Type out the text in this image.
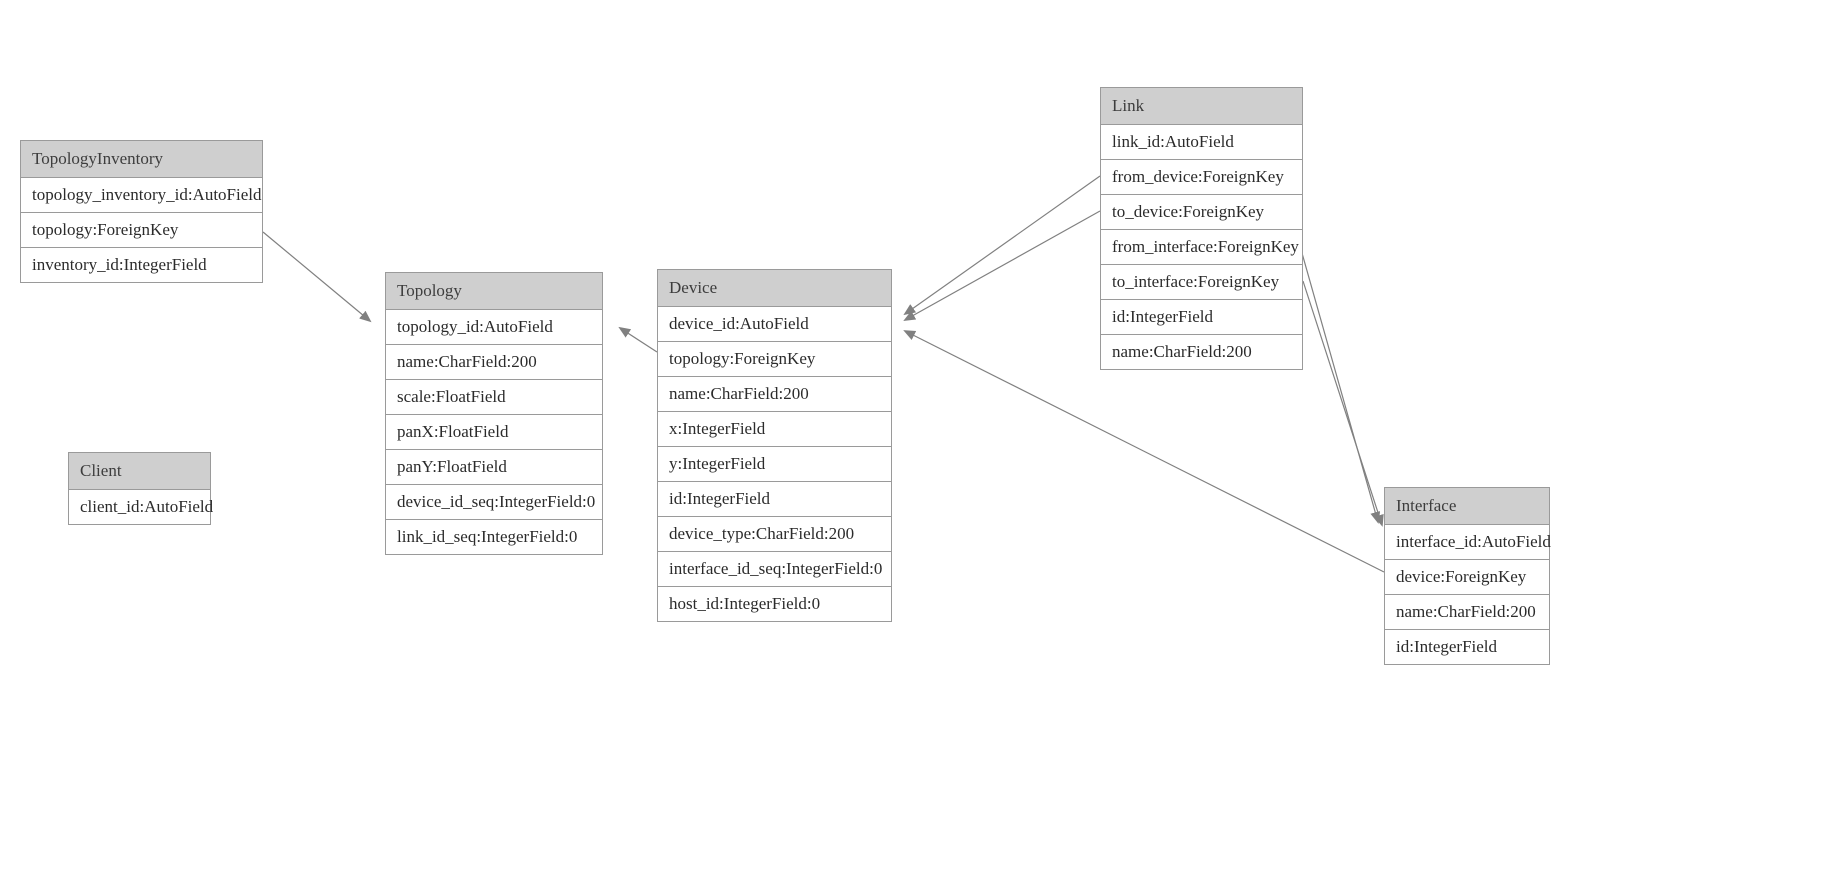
TopologyInventory
topology_inventory_id:AutoField
topology:ForeignKey
inventory_id:IntegerField
Client
client_id:AutoField
Topology
topology_id:AutoField
name:CharField:200
scale:FloatField
panX:FloatField
panY:FloatField
device_id_seq:IntegerField:0
link_id_seq:IntegerField:0
Device
device_id:AutoField
topology:ForeignKey
name:CharField:200
x:IntegerField
y:IntegerField
id:IntegerField
device_type:CharField:200
interface_id_seq:IntegerField:0
host_id:IntegerField:0
Link
link_id:AutoField
from_device:ForeignKey
to_device:ForeignKey
from_interface:ForeignKey
to_interface:ForeignKey
id:IntegerField
name:CharField:200
Interface
interface_id:AutoField
device:ForeignKey
name:CharField:200
id:IntegerField
